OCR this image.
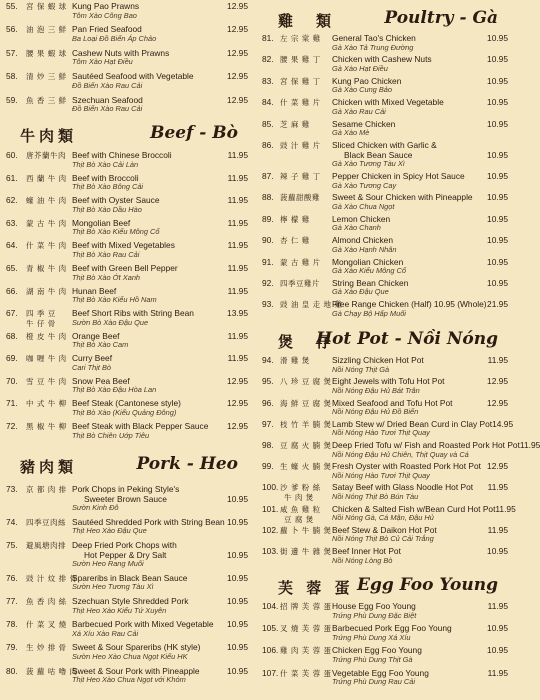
55. 宮 保 蝦 球 Kung Pao Prawns	12.95
Tôm Xào Công Bao
56. 油 泡 三 鮮 Pan Fried Seafood	12.95
Ba Loại Đồ Biển Áp Chảo
57. 腰 果 蝦 球 Cashew Nuts with Prawns	12.95
Tôm Xào Hạt Điều
58. 清 炒 三 鮮 Sautéed Seafood with Vegetable	12.95
Đồ Biển Xào Rau Cải
59. 魚 香 三 鮮 Szechuan Seafood	12.95
Đồ Biển Xào Rau Cải
牛肉類	Beef - Bò
60. 唐芥蘭牛肉 Beef with Chinese Broccoli	11.95
Thịt Bò Xào Cải Làn
61. 西 蘭 牛 肉 Beef with Broccoli	11.95
Thịt Bò Xào Bông Cải
62. 蠔 油 牛 肉 Beef with Oyster Sauce	11.95
Thịt Bò Xào Dầu Hào
63. 蒙 古 牛 肉 Mongolian Beef	11.95
Thịt Bò Xào Kiểu Mông Cổ
64. 什 菜 牛 肉 Beef with Mixed Vegetables	11.95
Thịt Bò Xào Rau Cải
65. 青 椒 牛 肉 Beef with Green Bell Pepper	11.95
Thịt Bò Xào Ớt Xanh
66. 湖 南 牛 肉 Hunan Beef	11.95
Thịt Bò Xào Kiểu Hồ Nam
67. 四 季 豆
牛 仔 骨
Beef Short Ribs with String Bean	13.95
Sườn Bò Xào Đậu Que
68. 橙 皮 牛 肉 Orange Beef	11.95
Thịt Bò Xào Cam
69. 咖 喱 牛 肉 Curry Beef	11.95
Cari Thịt Bò
70. 雪 豆 牛 肉 Snow Pea Beef	12.95
Thịt Bò Xào Đậu Hòa Lan
71. 中 式 牛 柳 Beef Steak (Cantonese style)	12.95
Thịt Bò Xào (Kiểu Quảng Đông)
72. 黑 椒 牛 柳 Beef Steak with Black Pepper Sauce 12.95
Thịt Bò Chiên Uớp Tiêu
豬肉類	Pork - Heo
73. 京 都 肉 排 Pork Chops in Peking Style's
Sweeter Brown Sauce	10.95
Sườn Kinh Đô
74. 四季豆肉絲 Sautéed Shredded Pork with String Bean 10.95
Thịt Heo Xào Đậu Que
75. 避風塘肉排 Deep Fried Pork Chops with
Hot Pepper & Dry Salt	10.95
Sườn Heo Rang Muối
76. 豉 汁 炆 排 骨
Spareribs in Black Bean Sauce	10.95
Sườn Heo Tương Tàu Xì
77. 魚 香 肉 絲 Szechuan Style Shredded Pork	10.95
Thịt Heo Xào Kiểu Tứ Xuyên
78. 什 菜 叉 燒 Barbecued Pork with Mixed Vegetable 10.95
Xá Xíu Xào Rau Cải
79. 生 炒 排 骨 Sweet & Sour Spareribs (HK style)	10.95
Sườn Heo Xào Chua Ngọt Kiểu HK
80. 菠 蘿 咕 嚕 肉
Sweet & Sour Pork with Pineapple	10.95
Thịt Heo Xào Chua Ngọt với Khóm
雞　類	Poultry - Gà
81. 左 宗 棠 雞 General Tao's Chicken	10.95
Gà Xào Tả Trung Đường
82. 腰 果 雞 丁 Chicken with Cashew Nuts	10.95
Gà Xào Hạt Điều
83. 宮 保 雞 丁 Kung Pao Chicken	10.95
Gà Xào Cung Bảo
84. 什 菜 雞 片 Chicken with Mixed Vegetable	10.95
Gà Xào Rau Cải
85. 芝 麻 雞	Sesame Chicken	10.95
Gà Xào Mè
86. 豉 汁 雞 片 Sliced Chicken with Garlic &
Black Bean Sauce	10.95
Gà Xào Tương Tàu Xì
87. 辣 子 雞 丁 Pepper Chicken in Spicy Hot Sauce	10.95
Gà Xào Tương Cay
88. 菠蘿甜酸雞 Sweet & Sour Chicken with Pineapple 10.95
Gà Xào Chua Ngọt
89. 檸 檬 雞	Lemon Chicken	10.95
Gà Xào Chanh
90. 杏 仁 雞	Almond Chicken	10.95
Gà Xào Hạnh Nhân
91. 蒙 古 雞 片 Mongolian Chicken	10.95
Gà Xào Kiểu Mông Cổ
92. 四季豆雞片 String Bean Chicken	10.95
Gà Xào Đậu Que
93. 豉 油 皇 走 地 雞
Free Range Chicken (Half) 10.95 (Whole) 21.95
Gà Chạy Bộ Hấp Muối
煲　仔
Hot Pot - Nồi Nóng
94. 滑 雞 煲	Sizzling Chicken Hot Pot	11.95
Nồi Nóng Thịt Gà
95. 八 珍 豆 腐 煲 Eight Jewels with Tofu Hot Pot	12.95
Nồi Nóng Đậu Hủ Bát Trân
96. 海 鮮 豆 腐 煲 Mixed Seafood and Tofu Hot Pot	12.95
Nồi Nóng Đậu Hủ Đồ Biển
97. 枝 竹 羊 腩 煲 Lamb Stew w/ Dried Bean Curd in Clay Pot 14.95
Nồi Nóng Hào Tươi Thịt Quay
98. 豆 腐 火 腩 煲 Deep Fried Tofu w/ Fish and Roasted Pork Hot Pot 11.95
Nồi Nóng Đậu Hủ Chiên, Thịt Quay và Cá
99. 生 蠔 火 腩 煲 Fresh Oyster with Roasted Pork Hot Pot 12.95
Nồi Nóng Hào Tươi Thịt Quay
100. 沙 爹 粉 絲
牛 肉 煲
Satay Beef with Glass Noodle Hot Pot 11.95
Nồi Nóng Thịt Bò Bún Tàu
101. 咸 魚 雞 粒
豆 腐 煲
Chicken & Salted Fish w/Bean Curd Hot Pot 11.95
Nồi Nóng Gà, Cá Mặn, Đậu Hủ
102. 蘿 卜 牛 腩 煲 Beef Stew & Daikon Hot Pot	11.95
Nồi Nóng Thịt Bò Củ Cải Trắng
103. 街 邊 牛 雜 煲 Beef Inner Hot Pot	10.95
Nồi Nóng Lòng Bò
芙 蓉 蛋 Egg Foo Young
104. 招 牌 芙 蓉 蛋 House Egg Foo Young	11.95
Trứng Phù Dung Đặc Biệt
105. 叉 燒 芙 蓉 蛋 Barbecued Pork Egg Foo Young	10.95
Trứng Phù Dung Xá Xíu
106. 雞 肉 芙 蓉 蛋 Chicken Egg Foo Young	10.95
Trứng Phù Dung Thịt Gà
107. 什 菜 芙 蓉 蛋 Vegetable Egg Foo Young	11.95
Trứng Phù Dung Rau Cải
